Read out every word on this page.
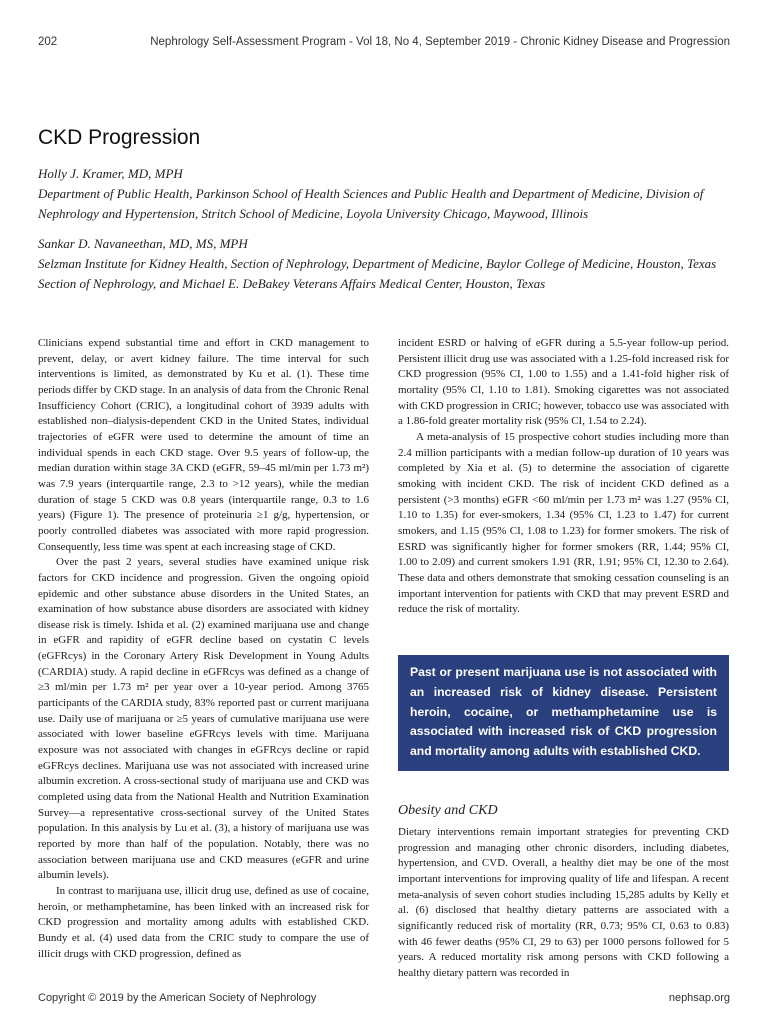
202	Nephrology Self-Assessment Program - Vol 18, No 4, September 2019 - Chronic Kidney Disease and Progression
CKD Progression

Holly J. Kramer, MD, MPH

Department of Public Health, Parkinson School of Health Sciences and Public Health and Department of Medicine, Division of Nephrology and Hypertension, Stritch School of Medicine, Loyola University Chicago, Maywood, Illinois

Sankar D. Navaneethan, MD, MS, MPH

Selzman Institute for Kidney Health, Section of Nephrology, Department of Medicine, Baylor College of Medicine, Houston, Texas Section of Nephrology, and Michael E. DeBakey Veterans Affairs Medical Center, Houston, Texas

Clinicians expend substantial time and effort in CKD management to prevent, delay, or avert kidney failure. The time interval for such interventions is limited, as demonstrated by Ku et al. (1). These time periods differ by CKD stage. In an analysis of data from the Chronic Renal Insufficiency Cohort (CRIC), a longitudinal cohort of 3939 adults with established non–dialysis-dependent CKD in the United States, individual trajectories of eGFR were used to determine the amount of time an individual spends in each CKD stage. Over 9.5 years of follow-up, the median duration within stage 3A CKD (eGFR, 59–45 ml/min per 1.73 m²) was 7.9 years (interquartile range, 2.3 to >12 years), while the median duration of stage 5 CKD was 0.8 years (interquartile range, 0.3 to 1.6 years) (Figure 1). The presence of proteinuria ≥1 g/g, hypertension, or poorly controlled diabetes was associated with more rapid progression. Consequently, less time was spent at each increasing stage of CKD.

Over the past 2 years, several studies have examined unique risk factors for CKD incidence and progression. Given the ongoing opioid epidemic and other substance abuse disorders in the United States, an examination of how substance abuse disorders are associated with kidney disease risk is timely. Ishida et al. (2) examined marijuana use and change in eGFR and rapidity of eGFR decline based on cystatin C levels (eGFRcys) in the Coronary Artery Risk Development in Young Adults (CARDIA) study. A rapid decline in eGFRcys was defined as a change of ≥3 ml/min per 1.73 m² per year over a 10-year period. Among 3765 participants of the CARDIA study, 83% reported past or current marijuana use. Daily use of marijuana or ≥5 years of cumulative marijuana use were associated with lower baseline eGFRcys levels with time. Marijuana exposure was not associated with changes in eGFRcys decline or rapid eGFRcys declines. Marijuana use was not associated with increased urine albumin excretion. A cross-sectional study of marijuana use and CKD was completed using data from the National Health and Nutrition Examination Survey—a representative cross-sectional survey of the United States population. In this analysis by Lu et al. (3), a history of marijuana use was reported by more than half of the population. Notably, there was no association between marijuana use and CKD measures (eGFR and urine albumin levels).

In contrast to marijuana use, illicit drug use, defined as use of cocaine, heroin, or methamphetamine, has been linked with an increased risk for CKD progression and mortality among adults with established CKD. Bundy et al. (4) used data from the CRIC study to compare the use of illicit drugs with CKD progression, defined as

incident ESRD or halving of eGFR during a 5.5-year follow-up period. Persistent illicit drug use was associated with a 1.25-fold increased risk for CKD progression (95% CI, 1.00 to 1.55) and a 1.41-fold higher risk of mortality (95% CI, 1.10 to 1.81). Smoking cigarettes was not associated with CKD progression in CRIC; however, tobacco use was associated with a 1.86-fold greater mortality risk (95% CI, 1.54 to 2.24).

A meta-analysis of 15 prospective cohort studies including more than 2.4 million participants with a median follow-up duration of 10 years was completed by Xia et al. (5) to determine the association of cigarette smoking with incident CKD. The risk of incident CKD defined as a persistent (>3 months) eGFR <60 ml/min per 1.73 m² was 1.27 (95% CI, 1.10 to 1.35) for ever-smokers, 1.34 (95% CI, 1.23 to 1.47) for current smokers, and 1.15 (95% CI, 1.08 to 1.23) for former smokers. The risk of ESRD was significantly higher for former smokers (RR, 1.44; 95% CI, 1.00 to 2.09) and current smokers 1.91 (RR, 1.91; 95% CI, 12.30 to 2.64). These data and others demonstrate that smoking cessation counseling is an important intervention for patients with CKD that may prevent ESRD and reduce the risk of mortality.

Past or present marijuana use is not associated with an increased risk of kidney disease. Persistent heroin, cocaine, or methamphetamine use is associated with increased risk of CKD progression and mortality among adults with established CKD.
Obesity and CKD

Dietary interventions remain important strategies for preventing CKD progression and managing other chronic disorders, including diabetes, hypertension, and CVD. Overall, a healthy diet may be one of the most important interventions for improving quality of life and lifespan. A recent meta-analysis of seven cohort studies including 15,285 adults by Kelly et al. (6) disclosed that healthy dietary patterns are associated with a significantly reduced risk of mortality (RR, 0.73; 95% CI, 0.63 to 0.83) with 46 fewer deaths (95% CI, 29 to 63) per 1000 persons followed for 5 years. A reduced mortality risk among persons with CKD following a healthy dietary pattern was recorded in

Copyright © 2019 by the American Society of Nephrology	nephsap.org
